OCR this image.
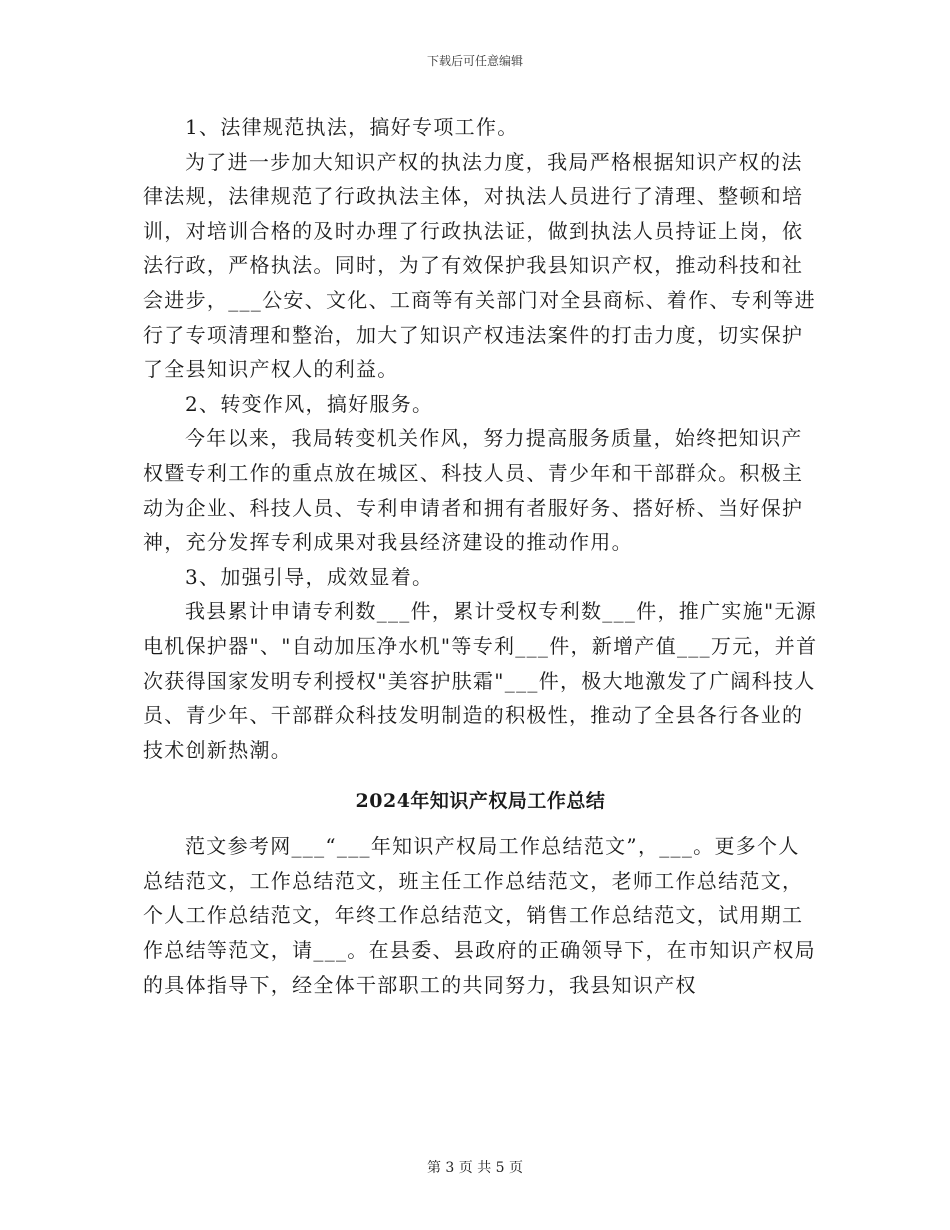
下载后可任意编辑

1、法律规范执法，搞好专项工作。

为了进一步加大知识产权的执法力度，我局严格根据知识产权的法律法规，法律规范了行政执法主体，对执法人员进行了清理、整顿和培训，对培训合格的及时办理了行政执法证，做到执法人员持证上岗，依法行政，严格执法。同时，为了有效保护我县知识产权，推动科技和社会进步，___公安、文化、工商等有关部门对全县商标、着作、专利等进行了专项清理和整治，加大了知识产权违法案件的打击力度，切实保护了全县知识产权人的利益。

2、转变作风，搞好服务。

今年以来，我局转变机关作风，努力提高服务质量，始终把知识产权暨专利工作的重点放在城区、科技人员、青少年和干部群众。积极主动为企业、科技人员、专利申请者和拥有者服好务、搭好桥、当好保护神，充分发挥专利成果对我县经济建设的推动作用。

3、加强引导，成效显着。

我县累计申请专利数___件，累计受权专利数___件，推广实施"无源电机保护器"、"自动加压净水机"等专利___件，新增产值___万元，并首次获得国家发明专利授权"美容护肤霜"___件，极大地激发了广阔科技人员、青少年、干部群众科技发明制造的积极性，推动了全县各行各业的技术创新热潮。

2024年知识产权局工作总结

范文参考网___“___年知识产权局工作总结范文”，___。更多个人总结范文，工作总结范文，班主任工作总结范文，老师工作总结范文，个人工作总结范文，年终工作总结范文，销售工作总结范文，试用期工作总结等范文，请___。在县委、县政府的正确领导下，在市知识产权局的具体指导下，经全体干部职工的共同努力，我县知识产权

第 3 页 共 5 页
